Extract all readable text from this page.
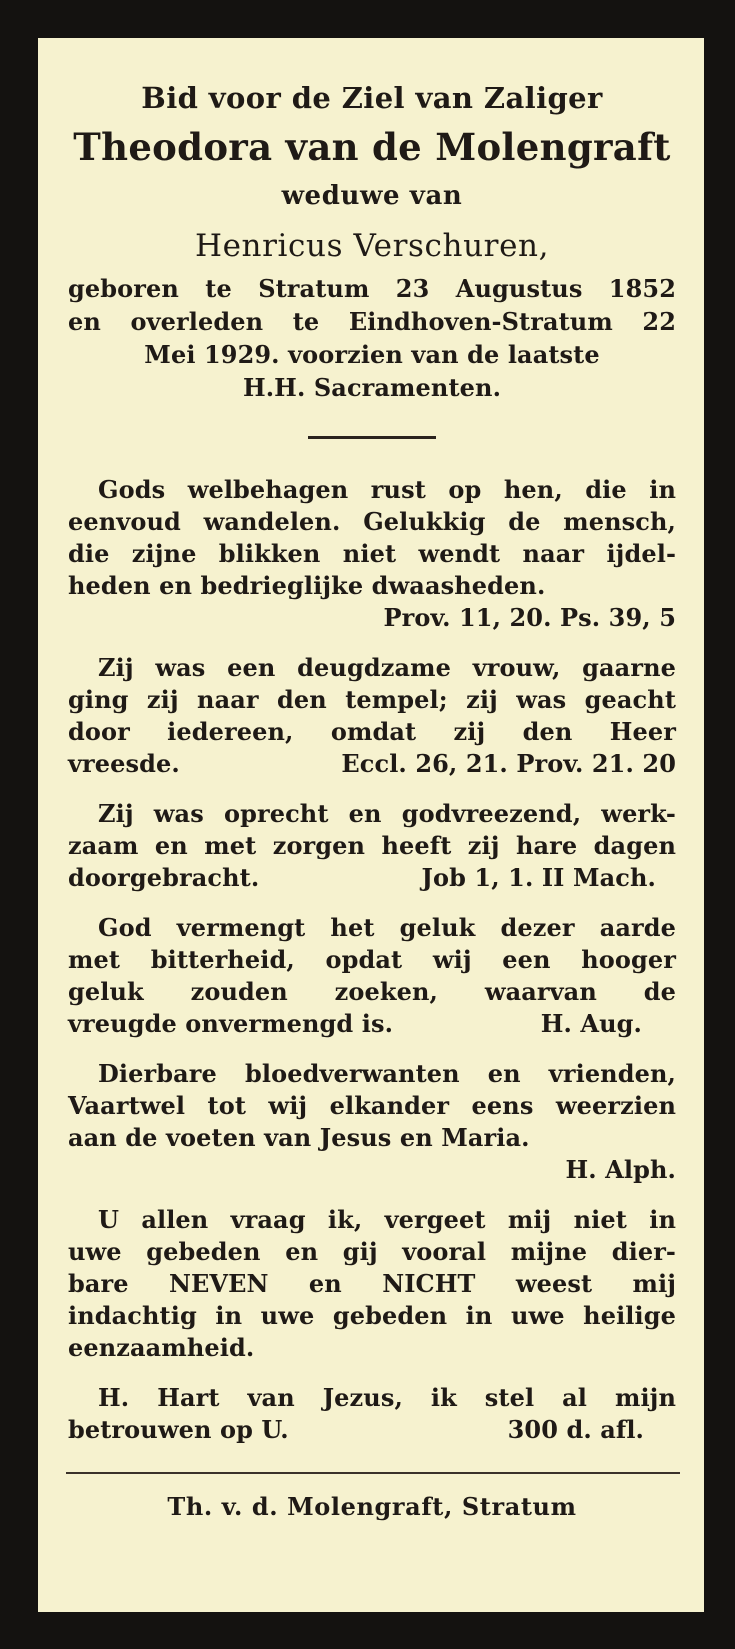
Bid voor de Ziel van Zaliger
Theodora van de Molengraft
weduwe van
Henricus Verschuren,
geboren te Stratum 23 Augustus 1852
en overleden te Eindhoven-Stratum 22
Mei 1929. voorzien van de laatste
H.H. Sacramenten.
Gods welbehagen rust op hen, die in
eenvoud wandelen. Gelukkig de mensch,
die zijne blikken niet wendt naar ijdel-
heden en bedrieglijke dwaasheden.
Prov. 11, 20. Ps. 39, 5
Zij was een deugdzame vrouw, gaarne
ging zij naar den tempel; zij was geacht
door iedereen, omdat zij den Heer
vreesde.	Eccl. 26, 21. Prov. 21. 20
Zij was oprecht en godvreezend, werk-
zaam en met zorgen heeft zij hare dagen
doorgebracht.	Job 1, 1. II Mach.
God vermengt het geluk dezer aarde
met bitterheid, opdat wij een hooger
geluk zouden zoeken, waarvan de
vreugde onvermengd is.	H. Aug.
Dierbare bloedverwanten en vrienden,
Vaartwel tot wij elkander eens weerzien
aan de voeten van Jesus en Maria.
H. Alph.
U allen vraag ik, vergeet mij niet in
uwe gebeden en gij vooral mijne dier-
bare NEVEN en NICHT weest mij
indachtig in uwe gebeden in uwe heilige
eenzaamheid.
H. Hart van Jezus, ik stel al mijn
betrouwen op U.	300 d. afl.
Th. v. d. Molengraft, Stratum
